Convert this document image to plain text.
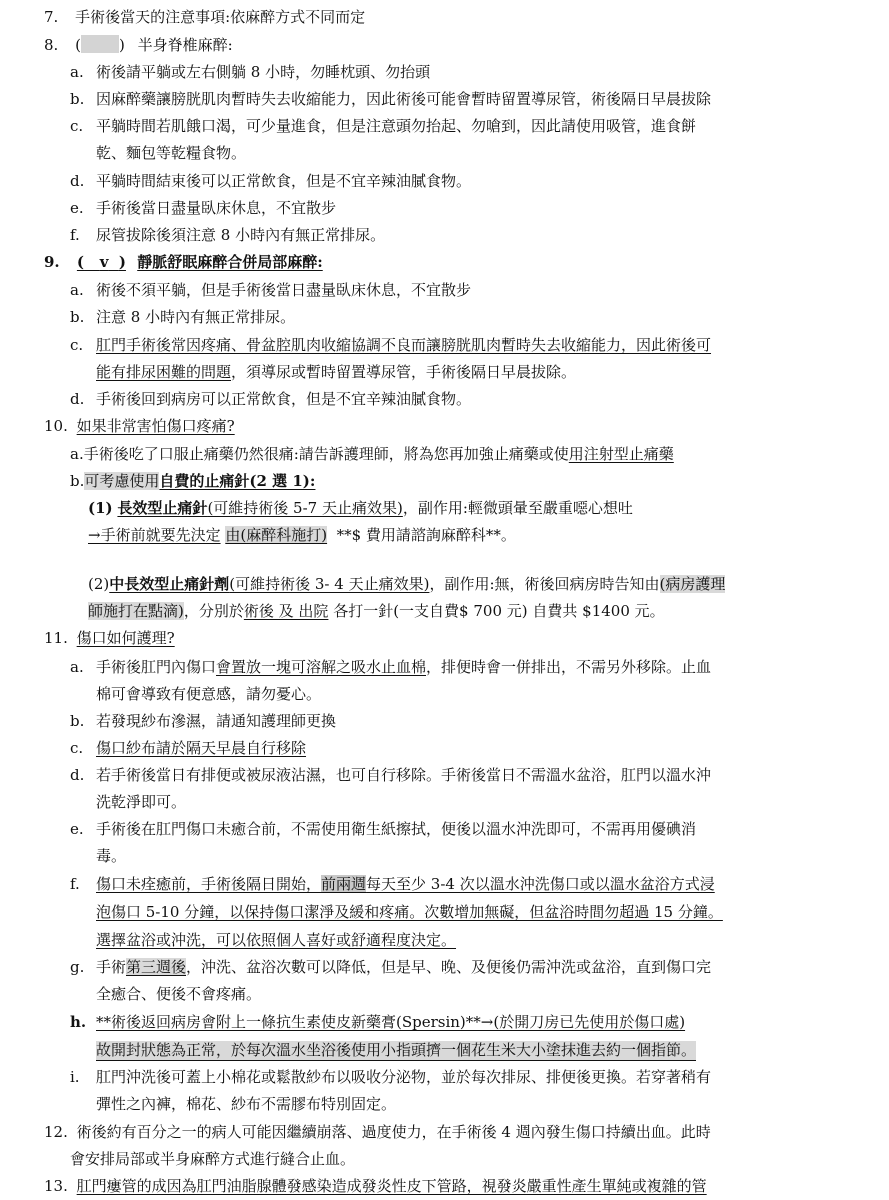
7. 手術後當天的注意事項:依麻醉方式不同而定
8. (	) 半身脊椎麻醉:
a. 術後請平躺或左右側躺 8 小時，勿睡枕頭、勿抬頭
b. 因麻醉藥讓膀胱肌肉暫時失去收縮能力，因此術後可能會暫時留置導尿管，術後隔日早晨拔除
c. 平躺時間若肌餓口渴，可少量進食，但是注意頭勿抬起、勿嗆到，因此請使用吸管，進食餅
乾、麵包等乾糧食物。
d. 平躺時間結束後可以正常飲食，但是不宜辛辣油膩食物。
e. 手術後當日盡量臥床休息，不宜散步
f. 尿管拔除後須注意 8 小時內有無正常排尿。
9. ( v ) 靜脈舒眠麻醉合併局部麻醉:
a. 術後不須平躺，但是手術後當日盡量臥床休息，不宜散步
b. 注意 8 小時內有無正常排尿。
c. 肛門手術後常因疼痛、骨盆腔肌肉收縮協調不良而讓膀胱肌肉暫時失去收縮能力，因此術後可
能有排尿困難的問題，須導尿或暫時留置導尿管，手術後隔日早晨拔除。
d. 手術後回到病房可以正常飲食，但是不宜辛辣油膩食物。
10. 如果非常害怕傷口疼痛?
a.手術後吃了口服止痛藥仍然很痛:請告訴護理師，將為您再加強止痛藥或使用注射型止痛藥
b.可考慮使用自費的止痛針(2 選 1):
(1) 長效型止痛針(可維持術後 5-7 天止痛效果)，副作用:輕微頭暈至嚴重噁心想吐
→手術前就要先決定 由(麻醉科施打) **$ 費用請諮詢麻醉科**。
(2)中長效型止痛針劑(可維持術後 3- 4 天止痛效果)，副作用:無，術後回病房時告知由(病房護理
師施打在點滴)，分別於術後 及 出院 各打一針(一支自費$ 700 元) 自費共 $1400 元。
11. 傷口如何護理?
a. 手術後肛門內傷口會置放一塊可溶解之吸水止血棉，排便時會一併排出，不需另外移除。止血
棉可會導致有便意感，請勿憂心。
b. 若發現紗布滲濕，請通知護理師更換
c. 傷口紗布請於隔天早晨自行移除
d. 若手術後當日有排便或被尿液沾濕，也可自行移除。手術後當日不需溫水盆浴，肛門以溫水沖
洗乾淨即可。
e. 手術後在肛門傷口未癒合前，不需使用衛生紙擦拭，便後以溫水沖洗即可，不需再用優碘消
毒。
f. 傷口未痊癒前，手術後隔日開始，前兩週每天至少 3-4 次以溫水沖洗傷口或以溫水盆浴方式浸
泡傷口 5-10 分鐘，以保持傷口潔淨及緩和疼痛。次數增加無礙，但盆浴時間勿超過 15 分鐘。
選擇盆浴或沖洗，可以依照個人喜好或舒適程度決定。
g. 手術第三週後，沖洗、盆浴次數可以降低，但是早、晚、及便後仍需沖洗或盆浴，直到傷口完
全癒合、便後不會疼痛。
h. **術後返回病房會附上一條抗生素使皮新藥膏(Spersin)**→(於開刀房已先使用於傷口處)
故開封狀態為正常，於每次溫水坐浴後使用小指頭擠一個花生米大小塗抹進去約一個指節。
i. 肛門沖洗後可蓋上小棉花或鬆散紗布以吸收分泌物，並於每次排尿、排便後更換。若穿著稍有
彈性之內褲，棉花、紗布不需膠布特別固定。
12. 術後約有百分之一的病人可能因繼續崩落、過度使力，在手術後 4 週內發生傷口持續出血。此時
會安排局部或半身麻醉方式進行縫合止血。
13. 肛門瘻管的成因為肛門油脂腺體發感染造成發炎性皮下管路，視發炎嚴重性產生單純或複雜的管
